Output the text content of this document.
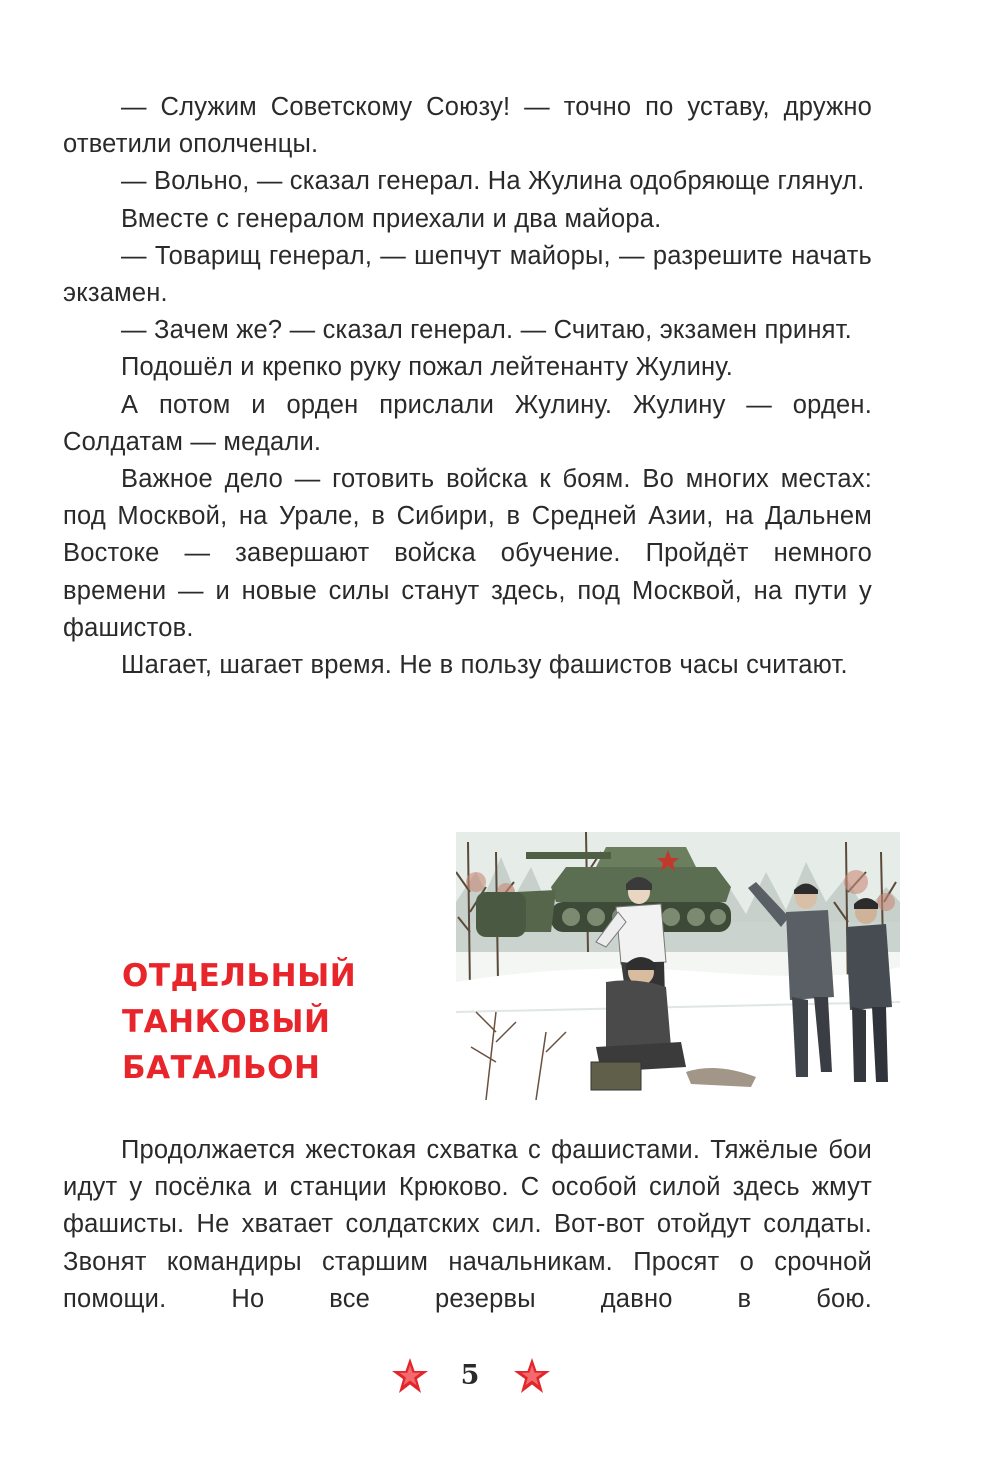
— Служим Советскому Союзу! — точно по уставу, дружно ответили ополченцы.

— Вольно, — сказал генерал. На Жулина одобряюще глянул.

Вместе с генералом приехали и два майора.

— Товарищ генерал, — шепчут майоры, — разрешите начать экзамен.

— Зачем же? — сказал генерал. — Считаю, экзамен принят.

Подошёл и крепко руку пожал лейтенанту Жулину.

А потом и орден прислали Жулину. Жулину — орден. Солдатам — медали.

Важное дело — готовить войска к боям. Во многих местах: под Москвой, на Урале, в Сибири, в Средней Азии, на Дальнем Востоке — завершают войска обучение. Пройдёт немного времени — и новые силы станут здесь, под Москвой, на пути у фашистов.

Шагает, шагает время. Не в пользу фашистов часы считают.

ОТДЕЛЬНЫЙ
ТАНКОВЫЙ
БАТАЛЬОН

Продолжается жестокая схватка с фашистами. Тяжёлые бои идут у посёлка и станции Крюково. С особой силой здесь жмут фашисты. Не хватает солдатских сил. Вот-вот отойдут солдаты. Звонят командиры старшим начальникам. Просят о срочной помощи. Но все резервы давно в бою.

5
